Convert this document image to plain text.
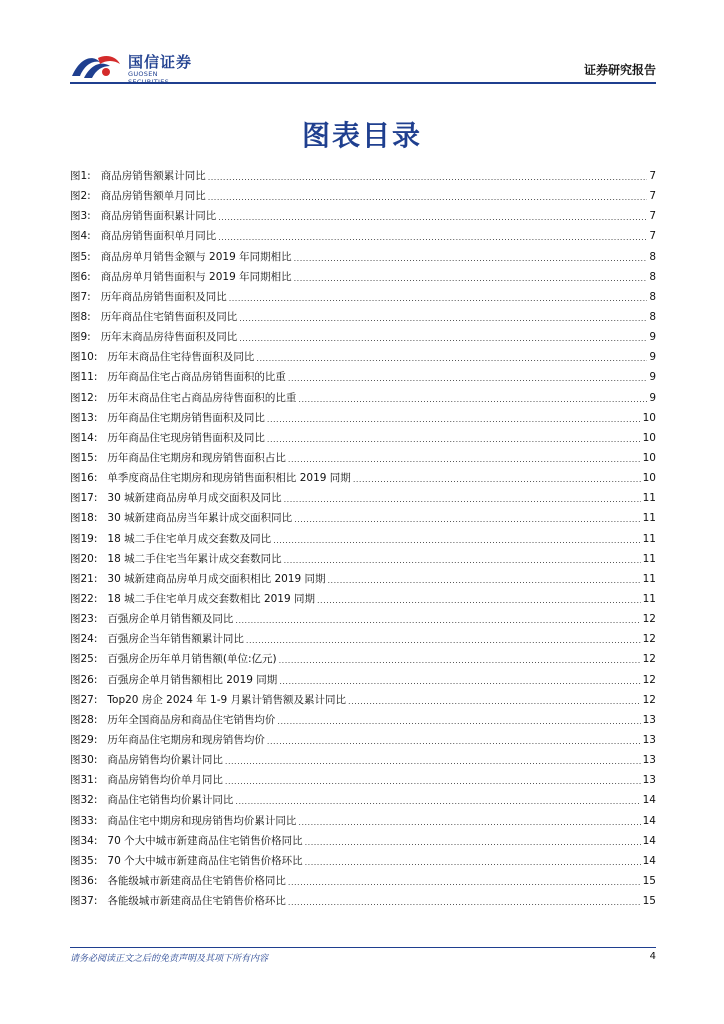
国信证券
GUOSEN	证券研究报告
图表目录
图1: 商品房销售额累计同比 .....	7
图2: 商品房销售额单月同比 .....	7
图3: 商品房销售面积累计同比 .....	7
图4: 商品房销售面积单月同比 .....	7
图5: 商品房单月销售金额与 2019 年同期相比 .....	8
图6: 商品房单月销售面积与 2019 年同期相比 .....	8
图7: 历年商品房销售面积及同比 .....	8
图8: 历年商品住宅销售面积及同比 .....	8
图9: 历年末商品房待售面积及同比 .....	9
图10: 历年末商品住宅待售面积及同比 .....	9
图11: 历年商品住宅占商品房销售面积的比重 .....	9
图12: 历年末商品住宅占商品房待售面积的比重 .....	9
图13: 历年商品住宅期房销售面积及同比 .....	10
图14: 历年商品住宅现房销售面积及同比 .....	10
图15: 历年商品住宅期房和现房销售面积占比 .....	10
图16: 单季度商品住宅期房和现房销售面积相比 2019 同期 .....	10
图17: 30 城新建商品房单月成交面积及同比 .....	11
图18: 30 城新建商品房当年累计成交面积同比 .....	11
图19: 18 城二手住宅单月成交套数及同比 .....	11
图20: 18 城二手住宅当年累计成交套数同比 .....	11
图21: 30 城新建商品房单月成交面积相比 2019 同期 .....	11
图22: 18 城二手住宅单月成交套数相比 2019 同期 .....	11
图23: 百强房企单月销售额及同比 .....	12
图24: 百强房企当年销售额累计同比 .....	12
图25: 百强房企历年单月销售额(单位:亿元) .....	12
图26: 百强房企单月销售额相比 2019 同期 .....	12
图27: Top20 房企 2024 年 1-9 月累计销售额及累计同比 .....	12
图28: 历年全国商品房和商品住宅销售均价 .....	13
图29: 历年商品住宅期房和现房销售均价 .....	13
图30: 商品房销售均价累计同比 .....	13
图31: 商品房销售均价单月同比 .....	13
图32: 商品住宅销售均价累计同比 .....	14
图33: 商品住宅中期房和现房销售均价累计同比 .....	14
图34: 70 个大中城市新建商品住宅销售价格同比 .....	14
图35: 70 个大中城市新建商品住宅销售价格环比 .....	14
图36: 各能级城市新建商品住宅销售价格同比 .....	15
图37: 各能级城市新建商品住宅销售价格环比 .....	15
请务必阅读正文之后的免责声明及其项下所有内容	4
